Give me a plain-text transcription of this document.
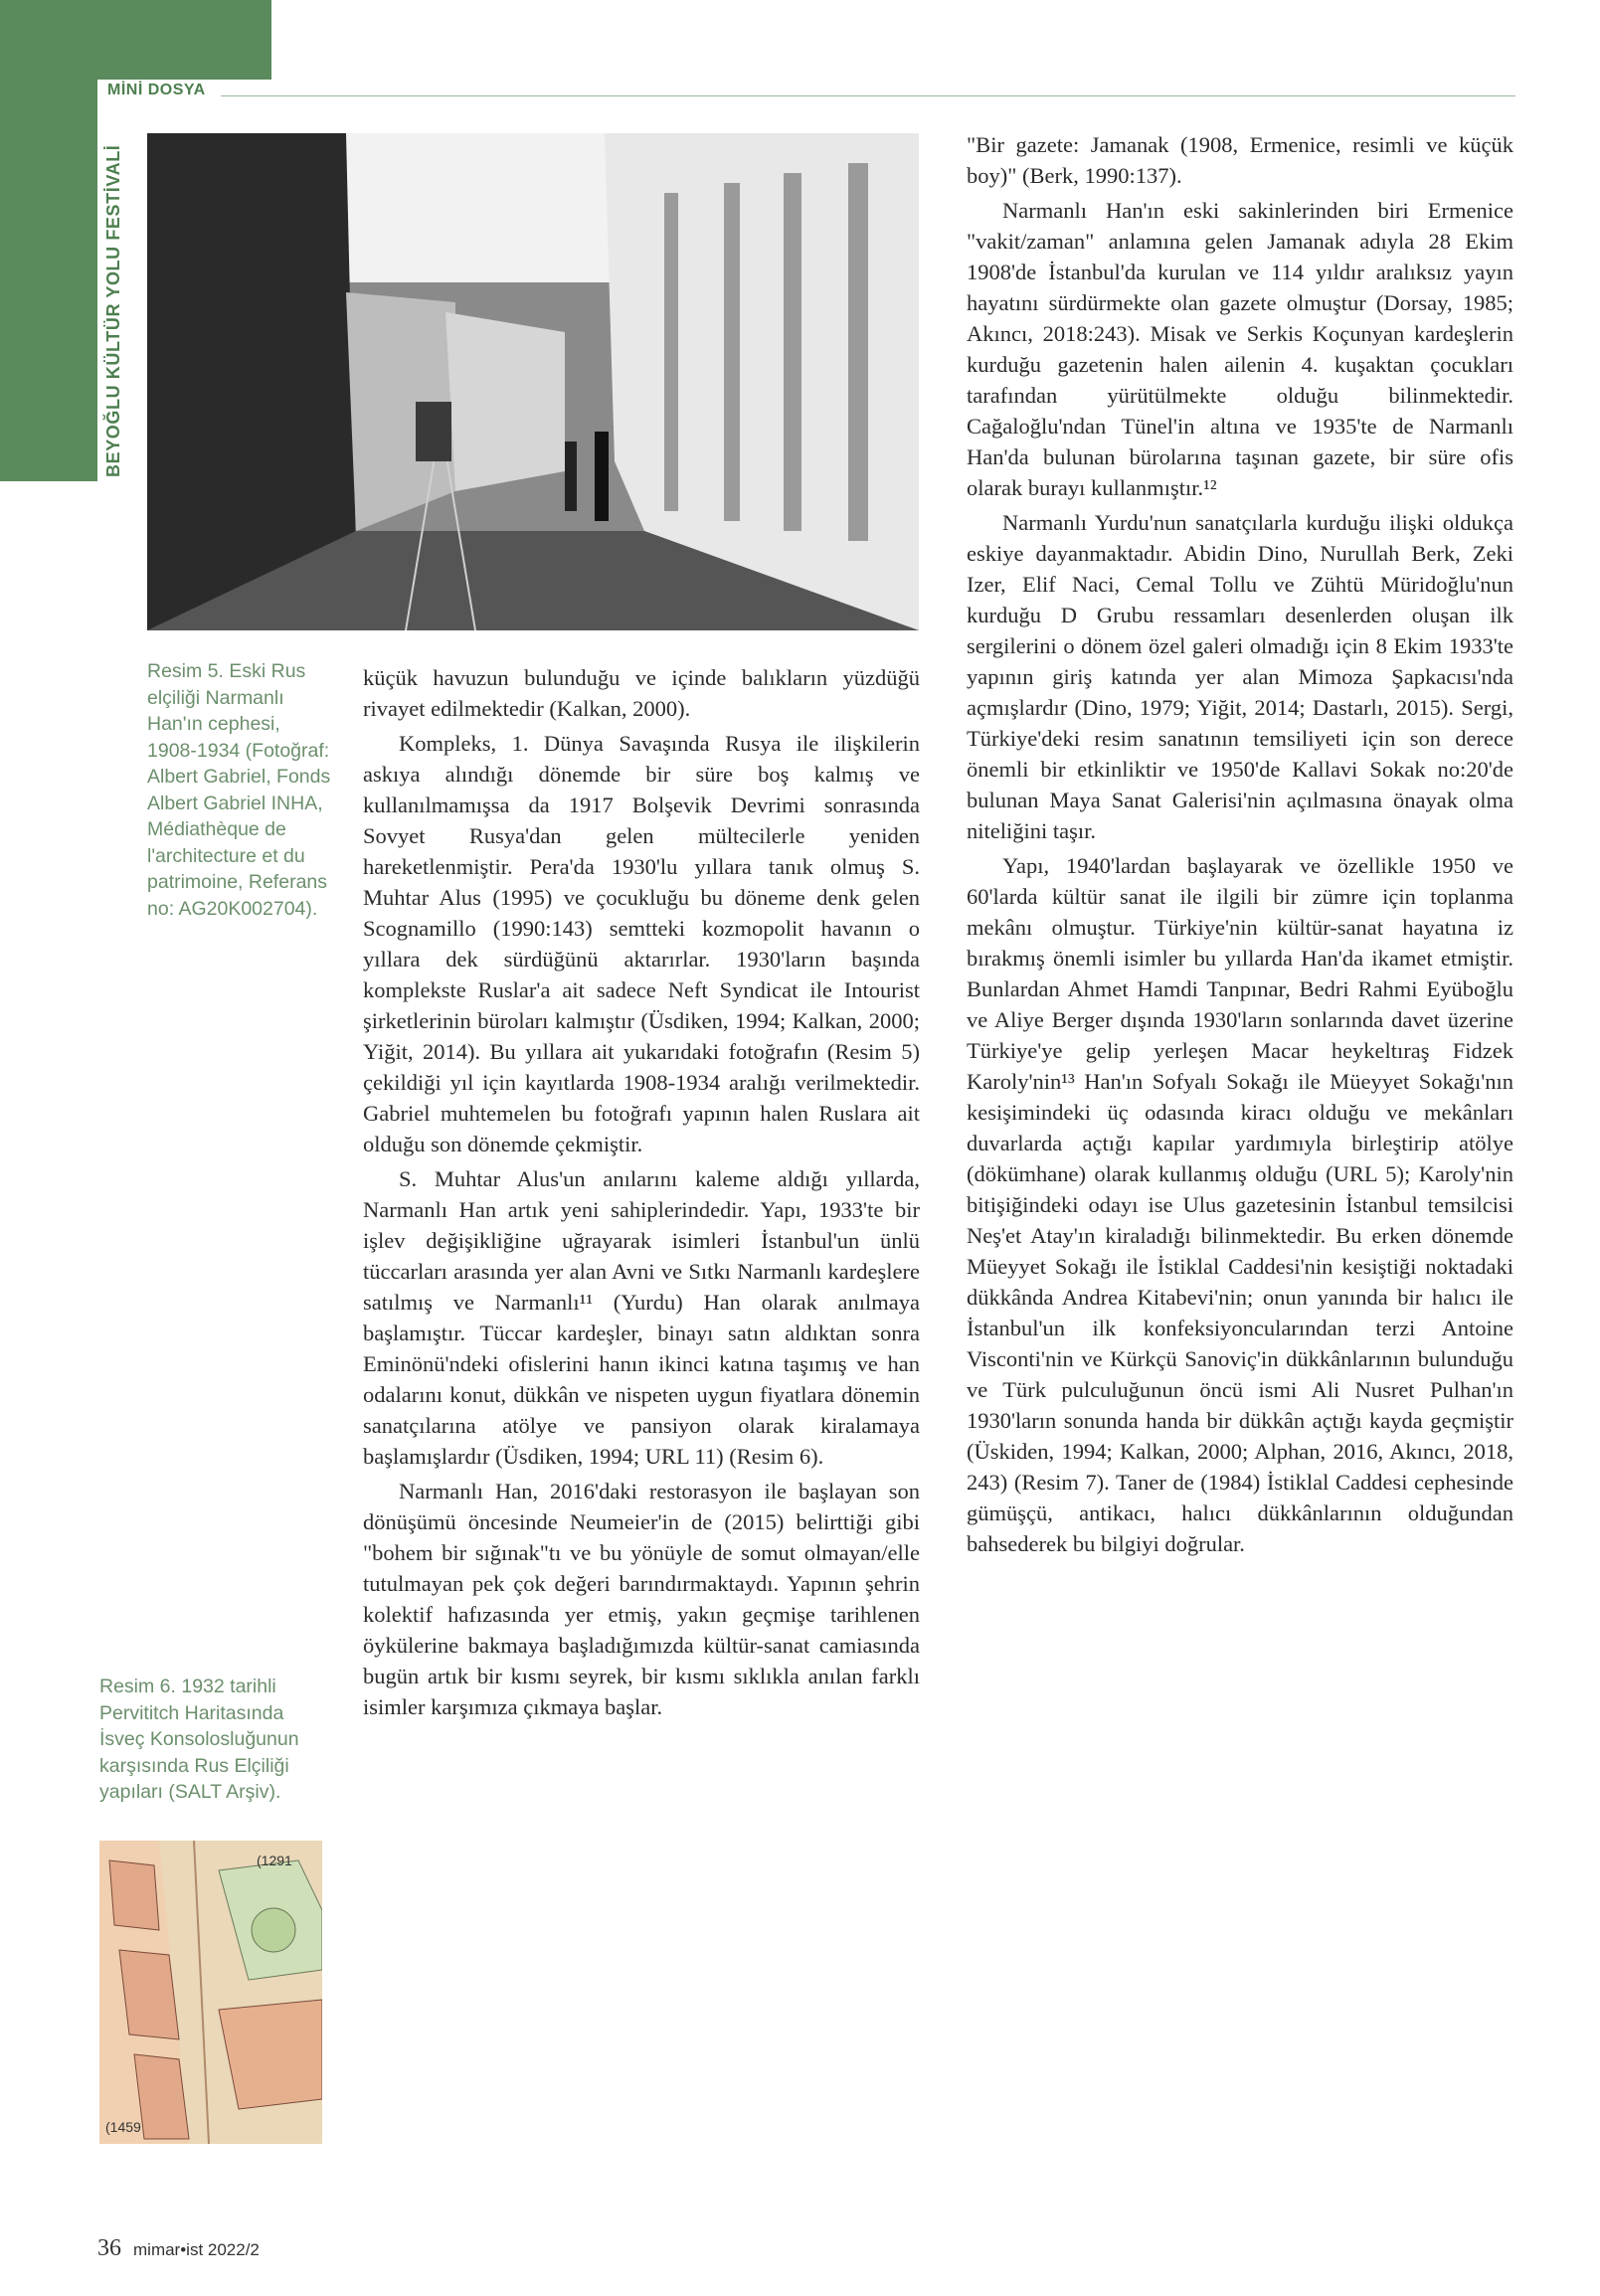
BEYOĞLU KÜLTÜR YOLU FESTİVALİ
MİNİ DOSYA
Resim 5. Eski Rus elçiliği Narmanlı Han'ın cephesi, 1908-1934 (Fotoğraf: Albert Gabriel, Fonds Albert Gabriel INHA, Médiathèque de l'architecture et du patrimoine, Referans no: AG20K002704).
Resim 6. 1932 tarihli Pervititch Haritasında İsveç Konsolosluğunun karşısında Rus Elçiliği yapıları (SALT Arşiv).
(1291
(1459

küçük havuzun bulunduğu ve içinde balıkların yüzdüğü rivayet edilmektedir (Kalkan, 2000).

Kompleks, 1. Dünya Savaşında Rusya ile ilişkilerin askıya alındığı dönemde bir süre boş kalmış ve kullanılmamışsa da 1917 Bolşevik Devrimi sonrasında Sovyet Rusya'dan gelen mültecilerle yeniden hareketlenmiştir. Pera'da 1930'lu yıllara tanık olmuş S. Muhtar Alus (1995) ve çocukluğu bu döneme denk gelen Scognamillo (1990:143) semtteki kozmopolit havanın o yıllara dek sürdüğünü aktarırlar. 1930'ların başında komplekste Ruslar'a ait sadece Neft Syndicat ile Intourist şirketlerinin büroları kalmıştır (Üsdiken, 1994; Kalkan, 2000; Yiğit, 2014). Bu yıllara ait yukarıdaki fotoğrafın (Resim 5) çekildiği yıl için kayıtlarda 1908-1934 aralığı verilmektedir. Gabriel muhtemelen bu fotoğrafı yapının halen Ruslara ait olduğu son dönemde çekmiştir.

S. Muhtar Alus'un anılarını kaleme aldığı yıllarda, Narmanlı Han artık yeni sahiplerindedir. Yapı, 1933'te bir işlev değişikliğine uğrayarak isimleri İstanbul'un ünlü tüccarları arasında yer alan Avni ve Sıtkı Narmanlı kardeşlere satılmış ve Narmanlı¹¹ (Yurdu) Han olarak anılmaya başlamıştır. Tüccar kardeşler, binayı satın aldıktan sonra Eminönü'ndeki ofislerini hanın ikinci katına taşımış ve han odalarını konut, dükkân ve nispeten uygun fiyatlara dönemin sanatçılarına atölye ve pansiyon olarak kiralamaya başlamışlardır (Üsdiken, 1994; URL 11) (Resim 6).

Narmanlı Han, 2016'daki restorasyon ile başlayan son dönüşümü öncesinde Neumeier'in de (2015) belirttiği gibi "bohem bir sığınak"tı ve bu yönüyle de somut olmayan/elle tutulmayan pek çok değeri barındırmaktaydı. Yapının şehrin kolektif hafızasında yer etmiş, yakın geçmişe tarihlenen öykülerine bakmaya başladığımızda kültür-sanat camiasında bugün artık bir kısmı seyrek, bir kısmı sıklıkla anılan farklı isimler karşımıza çıkmaya başlar.

"Bir gazete: Jamanak (1908, Ermenice, resimli ve küçük boy)" (Berk, 1990:137).

Narmanlı Han'ın eski sakinlerinden biri Ermenice "vakit/zaman" anlamına gelen Jamanak adıyla 28 Ekim 1908'de İstanbul'da kurulan ve 114 yıldır aralıksız yayın hayatını sürdürmekte olan gazete olmuştur (Dorsay, 1985; Akıncı, 2018:243). Misak ve Serkis Koçunyan kardeşlerin kurduğu gazetenin halen ailenin 4. kuşaktan çocukları tarafından yürütülmekte olduğu bilinmektedir. Cağaloğlu'ndan Tünel'in altına ve 1935'te de Narmanlı Han'da bulunan bürolarına taşınan gazete, bir süre ofis olarak burayı kullanmıştır.¹²

Narmanlı Yurdu'nun sanatçılarla kurduğu ilişki oldukça eskiye dayanmaktadır. Abidin Dino, Nurullah Berk, Zeki Izer, Elif Naci, Cemal Tollu ve Zühtü Müridoğlu'nun kurduğu D Grubu ressamları desenlerden oluşan ilk sergilerini o dönem özel galeri olmadığı için 8 Ekim 1933'te yapının giriş katında yer alan Mimoza Şapkacısı'nda açmışlardır (Dino, 1979; Yiğit, 2014; Dastarlı, 2015). Sergi, Türkiye'deki resim sanatının temsiliyeti için son derece önemli bir etkinliktir ve 1950'de Kallavi Sokak no:20'de bulunan Maya Sanat Galerisi'nin açılmasına önayak olma niteliğini taşır.

Yapı, 1940'lardan başlayarak ve özellikle 1950 ve 60'larda kültür sanat ile ilgili bir zümre için toplanma mekânı olmuştur. Türkiye'nin kültür-sanat hayatına iz bırakmış önemli isimler bu yıllarda Han'da ikamet etmiştir. Bunlardan Ahmet Hamdi Tanpınar, Bedri Rahmi Eyüboğlu ve Aliye Berger dışında 1930'ların sonlarında davet üzerine Türkiye'ye gelip yerleşen Macar heykeltıraş Fidzek Karoly'nin¹³ Han'ın Sofyalı Sokağı ile Müeyyet Sokağı'nın kesişimindeki üç odasında kiracı olduğu ve mekânları duvarlarda açtığı kapılar yardımıyla birleştirip atölye (dökümhane) olarak kullanmış olduğu (URL 5); Karoly'nin bitişiğindeki odayı ise Ulus gazetesinin İstanbul temsilcisi Neş'et Atay'ın kiraladığı bilinmektedir. Bu erken dönemde Müeyyet Sokağı ile İstiklal Caddesi'nin kesiştiği noktadaki dükkânda Andrea Kitabevi'nin; onun yanında bir halıcı ile İstanbul'un ilk konfeksiyoncularından terzi Antoine Visconti'nin ve Kürkçü Sanoviç'in dükkânlarının bulunduğu ve Türk pulculuğunun öncü ismi Ali Nusret Pulhan'ın 1930'ların sonunda handa bir dükkân açtığı kayda geçmiştir (Üskiden, 1994; Kalkan, 2000; Alphan, 2016, Akıncı, 2018, 243) (Resim 7). Taner de (1984) İstiklal Caddesi cephesinde gümüşçü, antikacı, halıcı dükkânlarının olduğundan bahsederek bu bilgiyi doğrular.

36 mimar•ist 2022/2
